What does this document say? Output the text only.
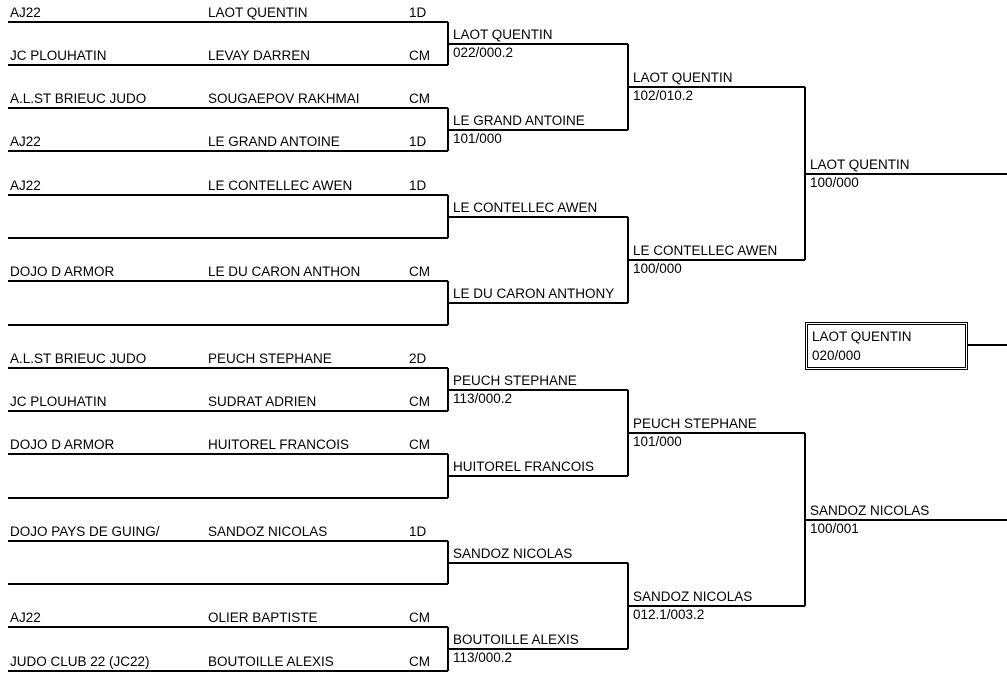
LAOT QUENTIN
020/000
AJ22	LAOT QUENTIN	1D
JC PLOUHATIN	LEVAY DARREN	CM
A.L.ST BRIEUC JUDO	SOUGAEPOV RAKHMAI	CM
AJ22	LE GRAND ANTOINE	1D
AJ22	LE CONTELLEC AWEN	1D
DOJO D ARMOR	LE DU CARON ANTHON	CM
A.L.ST BRIEUC JUDO	PEUCH STEPHANE	2D
JC PLOUHATIN	SUDRAT ADRIEN	CM
DOJO D ARMOR	HUITOREL FRANCOIS	CM
DOJO PAYS DE GUING/	SANDOZ NICOLAS	1D
AJ22	OLIER BAPTISTE	CM
JUDO CLUB 22 (JC22)	BOUTOILLE ALEXIS	CM
LAOT QUENTIN
022/000.2
LE GRAND ANTOINE
101/000
LE CONTELLEC AWEN
LE DU CARON ANTHONY
PEUCH STEPHANE
113/000.2
HUITOREL FRANCOIS
SANDOZ NICOLAS
BOUTOILLE ALEXIS
113/000.2
LAOT QUENTIN
102/010.2
LE CONTELLEC AWEN
100/000
PEUCH STEPHANE
101/000
SANDOZ NICOLAS
012.1/003.2
LAOT QUENTIN
100/000
SANDOZ NICOLAS
100/001
